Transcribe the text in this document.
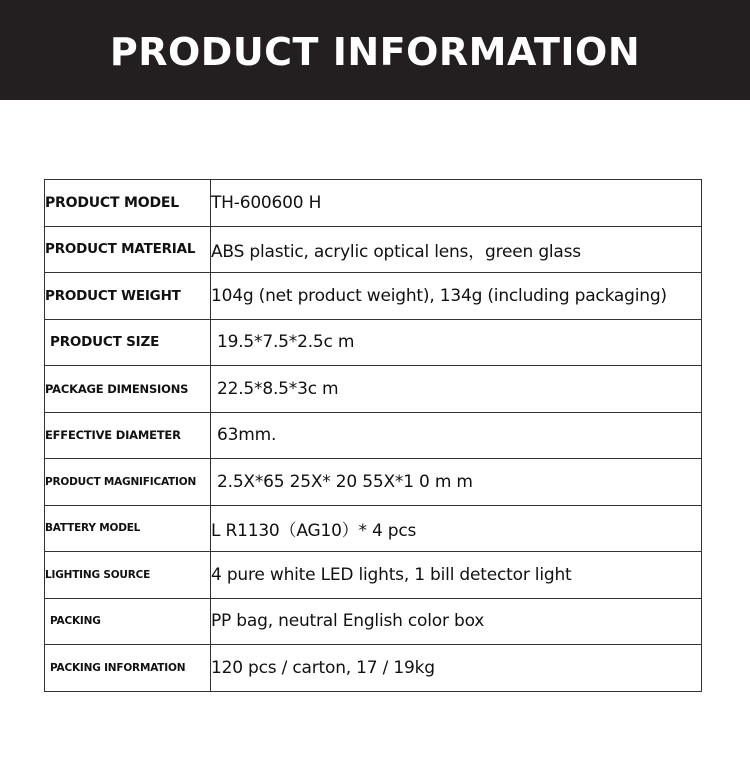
PRODUCT INFORMATION
PRODUCT MODEL	TH-600600 H
PRODUCT MATERIAL	ABS plastic, acrylic optical lens，green glass
PRODUCT WEIGHT	104g (net product weight), 134g (including packaging)
PRODUCT SIZE	19.5*7.5*2.5c m
PACKAGE DIMENSIONS	22.5*8.5*3c m
EFFECTIVE DIAMETER	63mm.
PRODUCT MAGNIFICATION	2.5X*65 25X* 20 55X*1 0 m m
BATTERY MODEL	L R1130（AG10）* 4 pcs
LIGHTING SOURCE	4 pure white LED lights, 1 bill detector light
PACKING	PP bag, neutral English color box
PACKING INFORMATION	120 pcs / carton, 17 / 19kg
